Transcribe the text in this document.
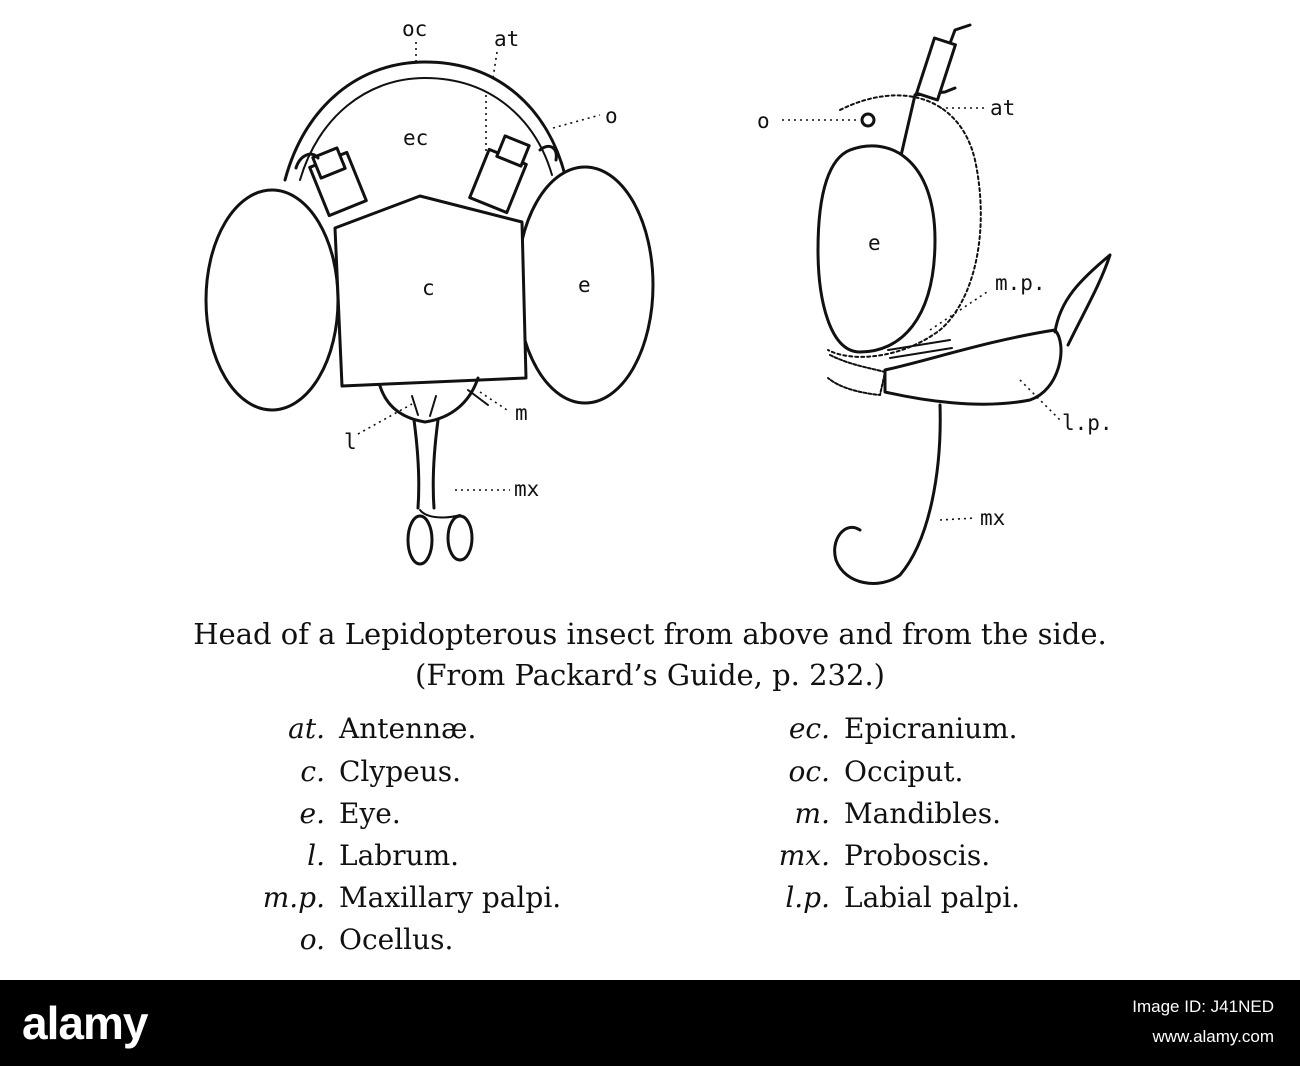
oc	at
o
ec
c	e
l
m
mx
o
at
e
m.p.
l.p.
mx
Head of a Lepidopterous insect from above and from the side.
(From Packard’s Guide, p. 232.)
at. Antennæ.
c. Clypeus.
e. Eye.
l. Labrum.
m.p. Maxillary palpi.
o. Ocellus.
ec. Epicranium.
oc. Occiput.
m. Mandibles.
mx. Proboscis.
l.p. Labial palpi.
alamy	Image ID: J41NED
www.alamy.com
